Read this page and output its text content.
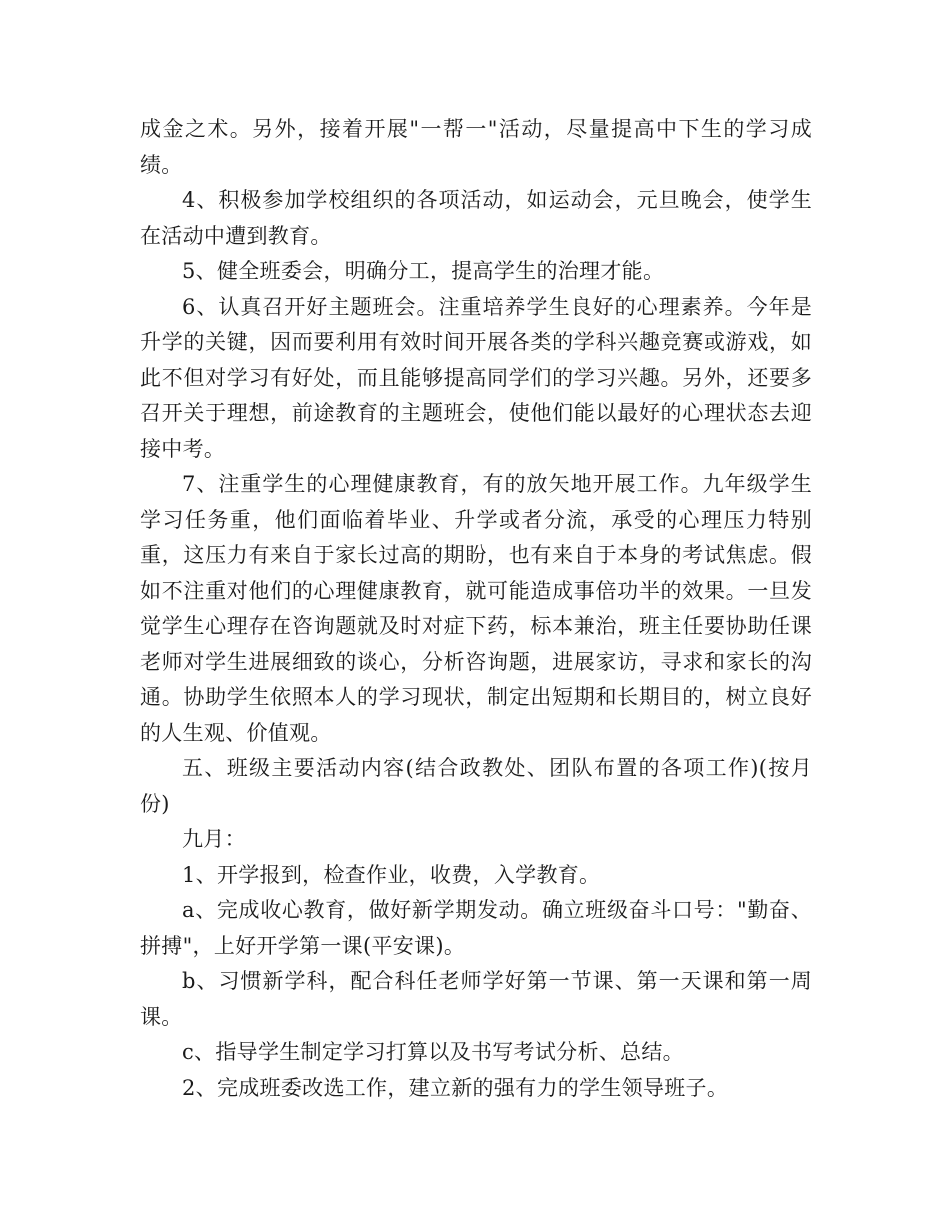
成金之术。另外，接着开展"一帮一"活动，尽量提高中下生的学习成绩。

4、积极参加学校组织的各项活动，如运动会，元旦晚会，使学生在活动中遭到教育。

5、健全班委会，明确分工，提高学生的治理才能。

6、认真召开好主题班会。注重培养学生良好的心理素养。今年是升学的关键，因而要利用有效时间开展各类的学科兴趣竞赛或游戏，如此不但对学习有好处，而且能够提高同学们的学习兴趣。另外，还要多召开关于理想，前途教育的主题班会，使他们能以最好的心理状态去迎接中考。

7、注重学生的心理健康教育，有的放矢地开展工作。九年级学生学习任务重，他们面临着毕业、升学或者分流，承受的心理压力特别重，这压力有来自于家长过高的期盼，也有来自于本身的考试焦虑。假如不注重对他们的心理健康教育，就可能造成事倍功半的效果。一旦发觉学生心理存在咨询题就及时对症下药，标本兼治，班主任要协助任课老师对学生进展细致的谈心，分析咨询题，进展家访，寻求和家长的沟通。协助学生依照本人的学习现状，制定出短期和长期目的，树立良好的人生观、价值观。

五、班级主要活动内容(结合政教处、团队布置的各项工作)(按月份)

九月：

1、开学报到，检查作业，收费，入学教育。

a、完成收心教育，做好新学期发动。确立班级奋斗口号："勤奋、拼搏"，上好开学第一课(平安课)。

b、习惯新学科，配合科任老师学好第一节课、第一天课和第一周课。

c、指导学生制定学习打算以及书写考试分析、总结。

2、完成班委改选工作，建立新的强有力的学生领导班子。
